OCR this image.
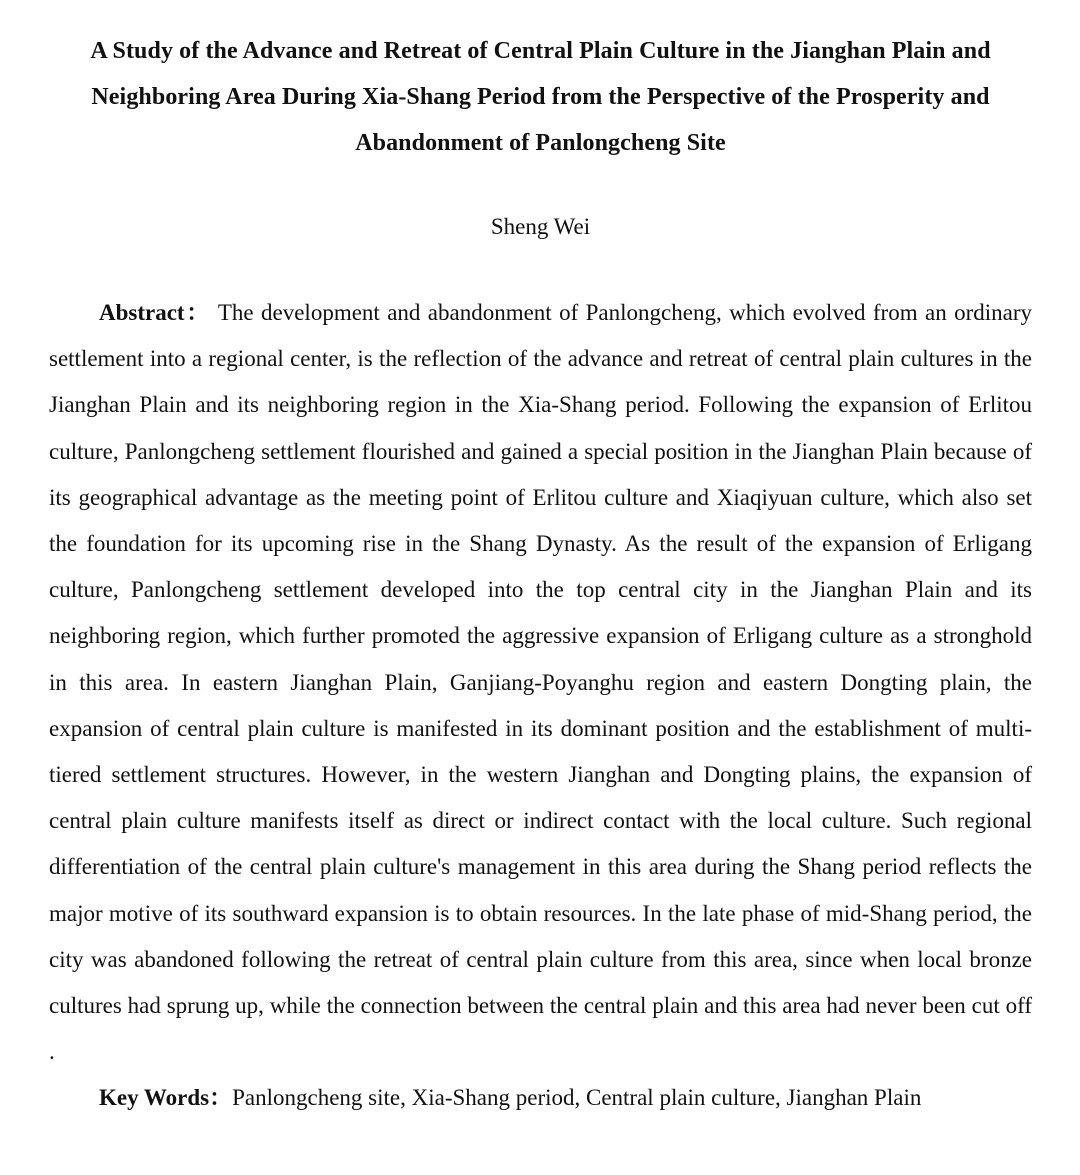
A Study of the Advance and Retreat of Central Plain Culture in the Jianghan Plain and
Neighboring Area During Xia-Shang Period from the Perspective of the Prosperity and
Abandonment of Panlongcheng Site
Sheng Wei

Abstract： The development and abandonment of Panlongcheng, which evolved from an ordinary settlement into a regional center, is the reflection of the advance and retreat of central plain cultures in the Jianghan Plain and its neighboring region in the Xia-Shang period. Following the expansion of Erlitou culture, Panlongcheng settlement flourished and gained a special position in the Jianghan Plain because of its geographical advantage as the meeting point of Erlitou culture and Xiaqiyuan culture, which also set the foundation for its upcoming rise in the Shang Dynasty. As the result of the expansion of Erligang culture, Panlongcheng settlement developed into the top central city in the Jianghan Plain and its neighboring region, which further promoted the aggressive expansion of Erligang culture as a stronghold in this area. In eastern Jianghan Plain, Ganjiang-Poyanghu region and eastern Dongting plain, the expansion of central plain culture is manifested in its dominant position and the establishment of multi-tiered settlement structures. However, in the western Jianghan and Dongting plains, the expansion of central plain culture manifests itself as direct or indirect contact with the local culture. Such regional differentiation of the central plain culture's management in this area during the Shang period reflects the major motive of its southward expansion is to obtain resources. In the late phase of mid-Shang period, the city was abandoned following the retreat of central plain culture from this area, since when local bronze cultures had sprung up, while the connection between the central plain and this area had never been cut off .

Key Words：Panlongcheng site, Xia-Shang period, Central plain culture, Jianghan Plain
